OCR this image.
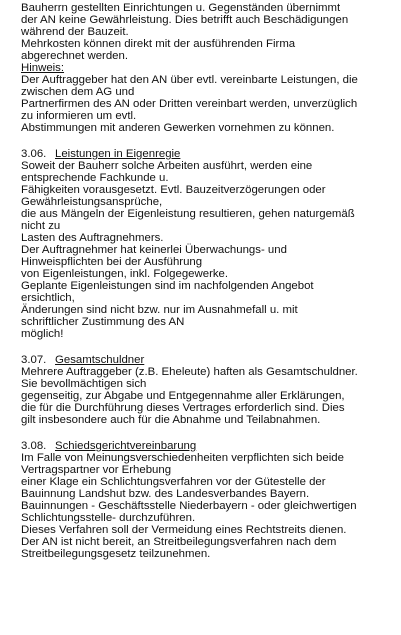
Bauherrn gestellten Einrichtungen u. Gegenständen übernimmt

der AN keine Gewährleistung. Dies betrifft auch Beschädigungen

während der Bauzeit.

Mehrkosten können direkt mit der ausführenden Firma

abgerechnet werden.

Hinweis:

Der Auftraggeber hat den AN über evtl. vereinbarte Leistungen, die

zwischen dem AG und

Partnerfirmen des AN oder Dritten vereinbart werden, unverzüglich

zu informieren um evtl.

Abstimmungen mit anderen Gewerken vornehmen zu können.

3.06. Leistungen in Eigenregie

Soweit der Bauherr solche Arbeiten ausführt, werden eine

entsprechende Fachkunde u.

Fähigkeiten vorausgesetzt. Evtl. Bauzeitverzögerungen oder

Gewährleistungsansprüche,

die aus Mängeln der Eigenleistung resultieren, gehen naturgemäß

nicht zu

Lasten des Auftragnehmers.

Der Auftragnehmer hat keinerlei Überwachungs- und

Hinweispflichten bei der Ausführung

von Eigenleistungen, inkl. Folgegewerke.

Geplante Eigenleistungen sind im nachfolgenden Angebot

ersichtlich,

Änderungen sind nicht bzw. nur im Ausnahmefall u. mit

schriftlicher Zustimmung des AN

möglich!

3.07. Gesamtschuldner

Mehrere Auftraggeber (z.B. Eheleute) haften als Gesamtschuldner.

Sie bevollmächtigen sich

gegenseitig, zur Abgabe und Entgegennahme aller Erklärungen,

die für die Durchführung dieses Vertrages erforderlich sind. Dies

gilt insbesondere auch für die Abnahme und Teilabnahmen.

3.08. Schiedsgerichtvereinbarung

Im Falle von Meinungsverschiedenheiten verpflichten sich beide

Vertragspartner vor Erhebung

einer Klage ein Schlichtungsverfahren vor der Gütestelle der

Bauinnung Landshut bzw. des Landesverbandes Bayern.

Bauinnungen - Geschäftsstelle Niederbayern - oder gleichwertigen

Schlichtungsstelle- durchzuführen.

Dieses Verfahren soll der Vermeidung eines Rechtstreits dienen.

Der AN ist nicht bereit, an Streitbeilegungsverfahren nach dem

Streitbeilegungsgesetz teilzunehmen.
